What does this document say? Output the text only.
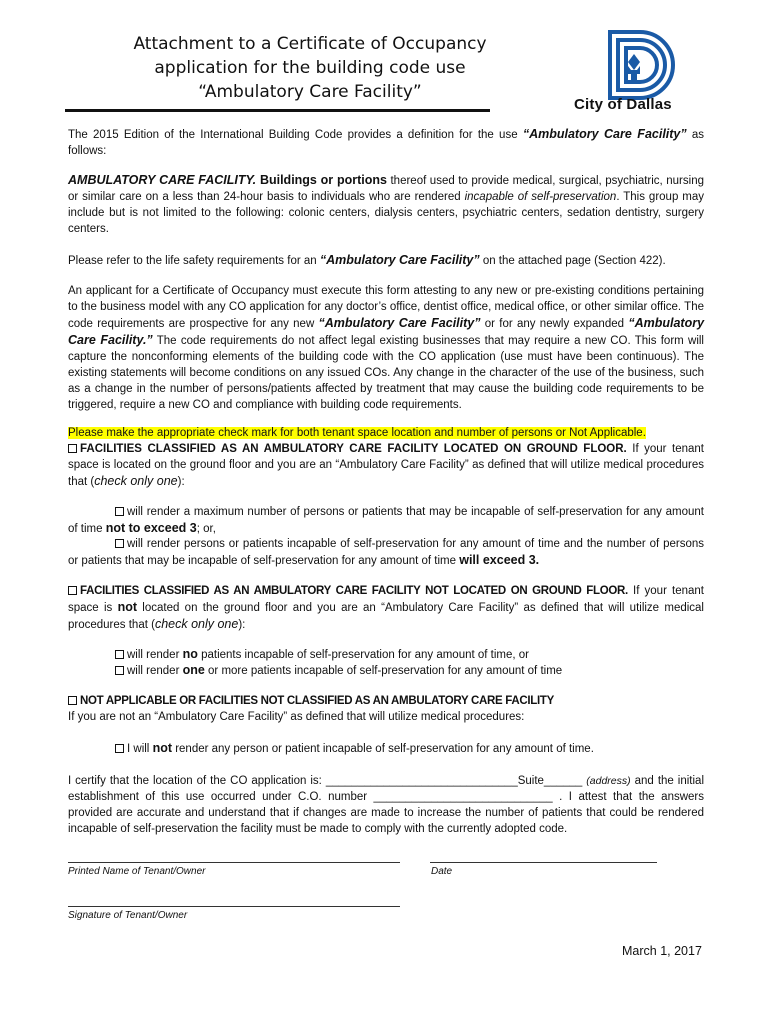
Attachment to a Certificate of Occupancy
application for the building code use
“Ambulatory Care Facility”
City of Dallas
The 2015 Edition of the International Building Code provides a definition for the use “Ambulatory Care Facility” as follows:
AMBULATORY CARE FACILITY. Buildings or portions thereof used to provide medical, surgical, psychiatric, nursing or similar care on a less than 24-hour basis to individuals who are rendered incapable of self-preservation. This group may include but is not limited to the following: colonic centers, dialysis centers, psychiatric centers, sedation dentistry, surgery centers.
Please refer to the life safety requirements for an “Ambulatory Care Facility” on the attached page (Section 422).
An applicant for a Certificate of Occupancy must execute this form attesting to any new or pre-existing conditions pertaining to the business model with any CO application for any doctor’s office, dentist office, medical office, or other similar office. The code requirements are prospective for any new “Ambulatory Care Facility” or for any newly expanded “Ambulatory Care Facility.” The code requirements do not affect legal existing businesses that may require a new CO. This form will capture the nonconforming elements of the building code with the CO application (use must have been continuous). The existing statements will become conditions on any issued COs. Any change in the character of the use of the business, such as a change in the number of persons/patients affected by treatment that may cause the building code requirements to be triggered, require a new CO and compliance with building code requirements.
Please make the appropriate check mark for both tenant space location and number of persons or Not Applicable.
FACILITIES CLASSIFIED AS AN AMBULATORY CARE FACILITY LOCATED ON GROUND FLOOR. If your tenant space is located on the ground floor and you are an “Ambulatory Care Facility” as defined that will utilize medical procedures that (check only one):
will render a maximum number of persons or patients that may be incapable of self-preservation for any amount of time not to exceed 3; or,
will render persons or patients incapable of self-preservation for any amount of time and the number of persons or patients that may be incapable of self-preservation for any amount of time will exceed 3.
FACILITIES CLASSIFIED AS AN AMBULATORY CARE FACILITY NOT LOCATED ON GROUND FLOOR. If your tenant space is not located on the ground floor and you are an “Ambulatory Care Facility” as defined that will utilize medical procedures that (check only one):
will render no patients incapable of self-preservation for any amount of time, or
will render one or more patients incapable of self-preservation for any amount of time
NOT APPLICABLE OR FACILITIES NOT CLASSIFIED AS AN AMBULATORY CARE FACILITY
If you are not an “Ambulatory Care Facility” as defined that will utilize medical procedures:
I will not render any person or patient incapable of self-preservation for any amount of time.
I certify that the location of the CO application is: ______________________________Suite______ (address) and the initial establishment of this use occurred under C.O. number ____________________________ . I attest that the answers provided are accurate and understand that if changes are made to increase the number of patients that could be rendered incapable of self-preservation the facility must be made to comply with the currently adopted code.
Printed Name of Tenant/Owner	Date
Signature of Tenant/Owner
March 1, 2017
